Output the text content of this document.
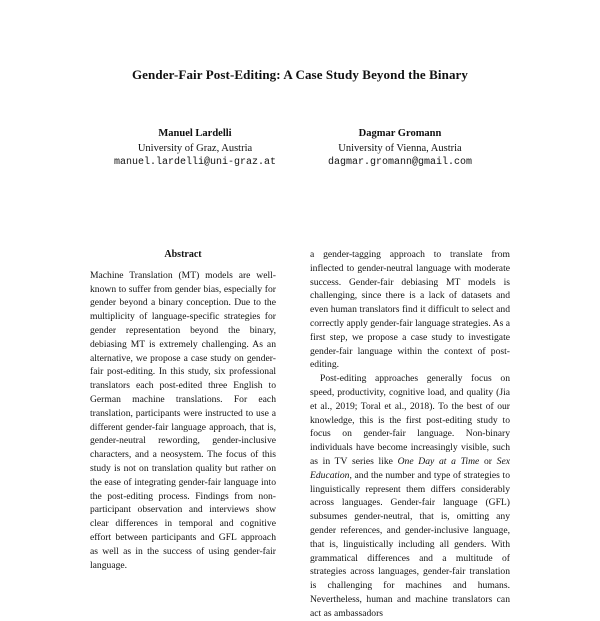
Gender-Fair Post-Editing: A Case Study Beyond the Binary
Manuel Lardelli
University of Graz, Austria
manuel.lardelli@uni-graz.at
Dagmar Gromann
University of Vienna, Austria
dagmar.gromann@gmail.com
Abstract

Machine Translation (MT) models are well-known to suffer from gender bias, especially for gender beyond a binary conception. Due to the multiplicity of language-specific strategies for gender representation beyond the binary, debiasing MT is extremely challenging. As an alternative, we propose a case study on gender-fair post-editing. In this study, six professional translators each post-edited three English to German machine translations. For each translation, participants were instructed to use a different gender-fair language approach, that is, gender-neutral rewording, gender-inclusive characters, and a neosystem. The focus of this study is not on translation quality but rather on the ease of integrating gender-fair language into the post-editing process. Findings from non-participant observation and interviews show clear differences in temporal and cognitive effort between participants and GFL approach as well as in the success of using gender-fair language.

a gender-tagging approach to translate from inflected to gender-neutral language with moderate success. Gender-fair debiasing MT models is challenging, since there is a lack of datasets and even human translators find it difficult to select and correctly apply gender-fair language strategies. As a first step, we propose a case study to investigate gender-fair language within the context of post-editing.

Post-editing approaches generally focus on speed, productivity, cognitive load, and quality (Jia et al., 2019; Toral et al., 2018). To the best of our knowledge, this is the first post-editing study to focus on gender-fair language. Non-binary individuals have become increasingly visible, such as in TV series like One Day at a Time or Sex Education, and the number and type of strategies to linguistically represent them differs considerably across languages. Gender-fair language (GFL) subsumes gender-neutral, that is, omitting any gender references, and gender-inclusive language, that is, linguistically including all genders. With grammatical differences and a multitude of strategies across languages, gender-fair translation is challenging for machines and humans. Nevertheless, human and machine translators can act as ambassadors
